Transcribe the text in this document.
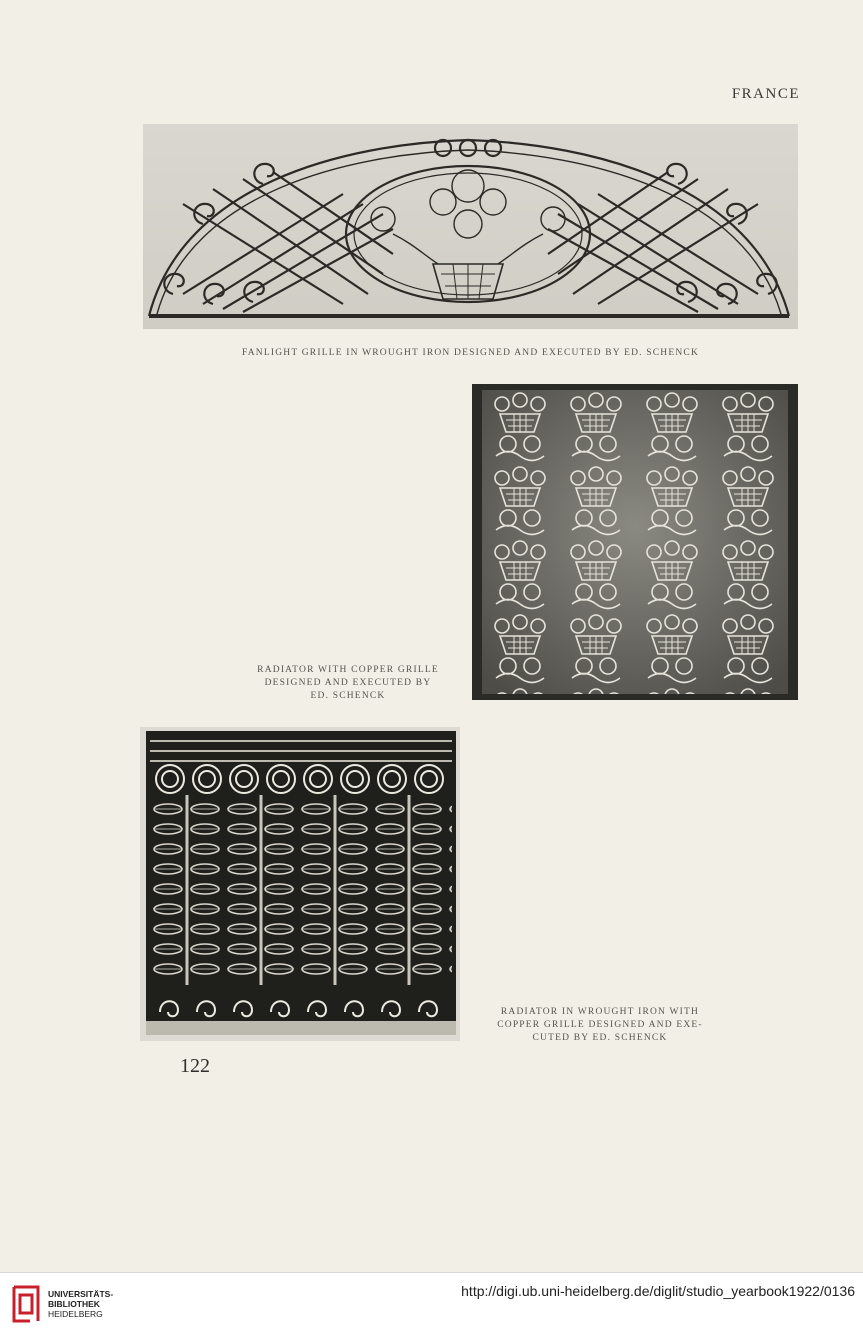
FRANCE
FANLIGHT GRILLE IN WROUGHT IRON DESIGNED AND EXECUTED BY ED. SCHENCK
RADIATOR WITH COPPER GRILLE
DESIGNED AND EXECUTED BY
ED. SCHENCK
RADIATOR IN WROUGHT IRON WITH
COPPER GRILLE DESIGNED AND EXE-
CUTED BY ED. SCHENCK
122
UNIVERSITÄTS-
BIBLIOTHEK
HEIDELBERG
http://digi.ub.uni-heidelberg.de/diglit/studio_yearbook1922/0136
